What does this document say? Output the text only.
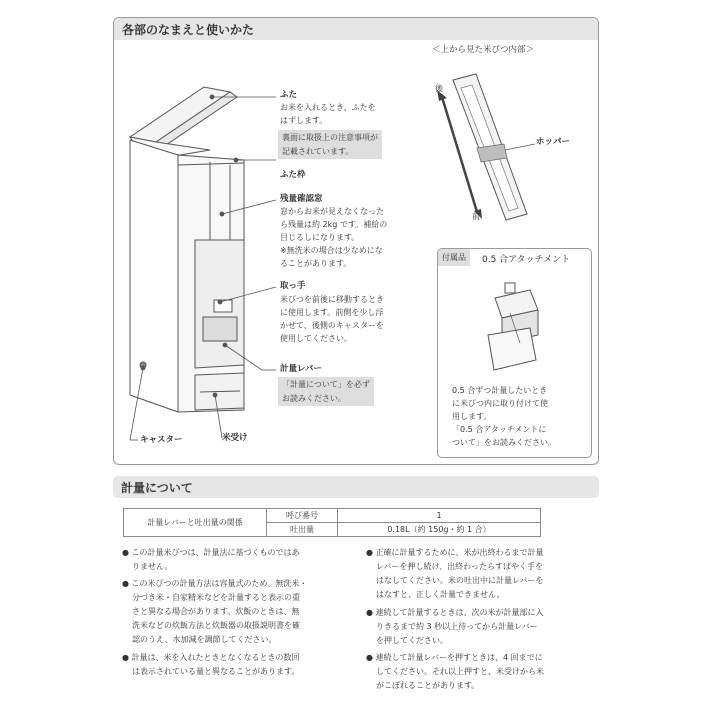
各部のなまえと使いかた
＜上から見た米びつ内部＞
後
前
ホッパー
ふた
お米を入れるとき、ふたを
はずします。
裏面に取扱上の注意事項が
記載されています。
ふた枠
残量確認窓
窓からお米が見えなくなった
ら残量は約 2kg です。補給の
目じるしになります。
※無洗米の場合は少なめにな
ることがあります。
取っ手
米びつを前後に移動するとき
に使用します。前側を少し浮
かせて、後側のキャスターを
使用してください。
計量レバー
「計量について」を必ず
お読みください。
キャスター	米受け
付属品	0.5 合アタッチメント
0.5 合ずつ計量したいとき
に米びつ内に取り付けて使
用します。
「0.5 合アタッチメントに
ついて」をお読みください。
計量について
計量レバーと吐出量の関係	呼び番号	1
	吐出量	0.18L（約 150g・約 1 合）
● この計量米びつは、計量法に基づくものではあ
りません。
● この米びつの計量方法は容量式のため、無洗米・
分づき米・自家精米などを計量すると表示の重
さと異なる場合があります。炊飯のときは、無
洗米などの炊飯方法と炊飯器の取扱説明書を確
認のうえ、水加減を調節してください。
● 計量は、米を入れたときとなくなるときの数回
は表示されている量と異なることがあります。
● 正確に計量するために、米が出終わるまで計量
レバーを押し続け、出終わったらすばやく手を
はなしてください。米の吐出中に計量レバーを
はなすと、正しく計量できません。
● 連続して計量するときは、次の米が計量部に入
りきるまで約 3 秒以上待ってから計量レバー
を押してください。
● 連続して計量レバーを押すときは、4 回までに
してください。それ以上押すと、米受けから米
がこぼれることがあります。
